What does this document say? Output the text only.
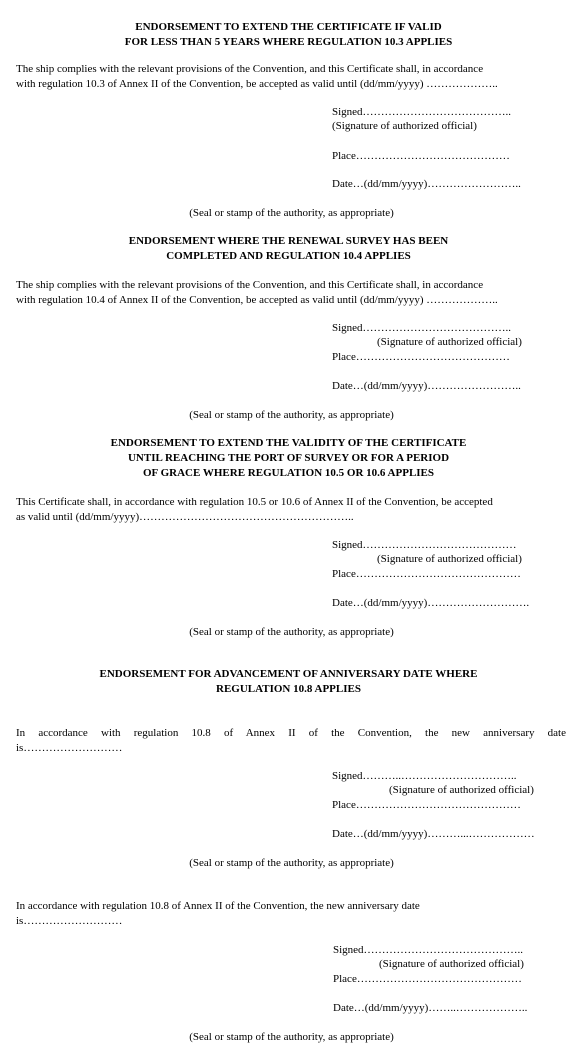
ENDORSEMENT TO EXTEND THE CERTIFICATE IF VALID
FOR LESS THAN 5 YEARS WHERE REGULATION 10.3 APPLIES
The ship complies with the relevant provisions of the Convention, and this Certificate shall, in accordance
with regulation 10.3 of Annex II of the Convention, be accepted as valid until (dd/mm/yyyy) ………………..
Signed…………………………………..
(Signature of authorized official)
Place……………………………………
Date…(dd/mm/yyyy)……………………..
(Seal or stamp of the authority, as appropriate)
ENDORSEMENT WHERE THE RENEWAL SURVEY HAS BEEN
COMPLETED AND REGULATION 10.4 APPLIES
The ship complies with the relevant provisions of the Convention, and this Certificate shall, in accordance
with regulation 10.4 of Annex II of the Convention, be accepted as valid until (dd/mm/yyyy) ………………..
Signed…………………………………..
(Signature of authorized official)
Place……………………………………
Date…(dd/mm/yyyy)……………………..
(Seal or stamp of the authority, as appropriate)
ENDORSEMENT TO EXTEND THE VALIDITY OF THE CERTIFICATE
UNTIL REACHING THE PORT OF SURVEY OR FOR A PERIOD
OF GRACE WHERE REGULATION 10.5 OR 10.6 APPLIES
This Certificate shall, in accordance with regulation 10.5 or 10.6 of Annex II of the Convention, be accepted
as valid until (dd/mm/yyyy)…………………………………………………..
Signed……………………………………
(Signature of authorized official)
Place………………………………………
Date…(dd/mm/yyyy)……………………….
(Seal or stamp of the authority, as appropriate)
ENDORSEMENT FOR ADVANCEMENT OF ANNIVERSARY DATE WHERE
REGULATION 10.8 APPLIES
In accordance with regulation 10.8 of Annex II of the Convention, the new anniversary date
is………………………
Signed………..…………………………..
(Signature of authorized official)
Place………………………………………
Date…(dd/mm/yyyy)………...………………
(Seal or stamp of the authority, as appropriate)
In accordance with regulation 10.8 of Annex II of the Convention, the new anniversary date
is………………………
Signed……………………………………..
(Signature of authorized official)
Place………………………………………
Date…(dd/mm/yyyy)……..………………..
(Seal or stamp of the authority, as appropriate)
